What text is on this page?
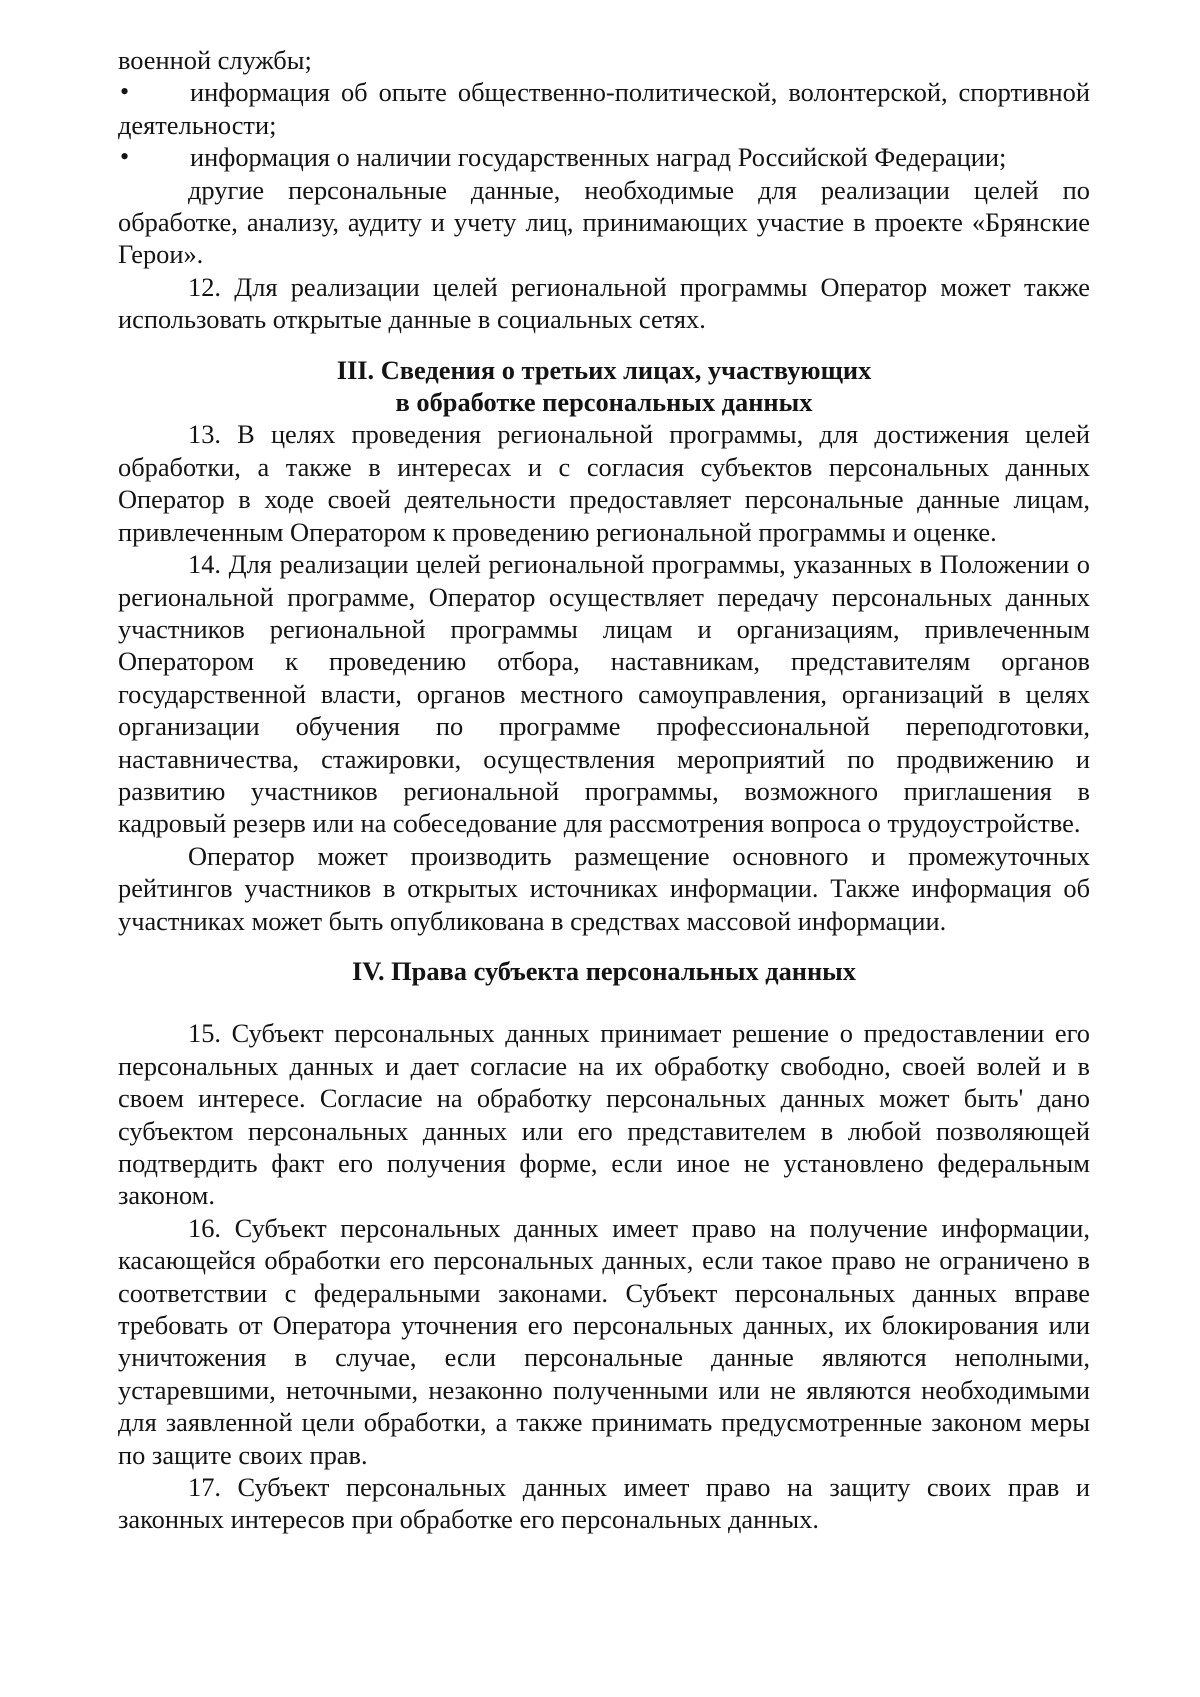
военной службы;

• информация об опыте общественно-политической, волонтерской, спортивной деятельности;

• информация о наличии государственных наград Российской Федерации;

другие персональные данные, необходимые для реализации целей по обработке, анализу, аудиту и учету лиц, принимающих участие в проекте «Брянские Герои».

12. Для реализации целей региональной программы Оператор может также использовать открытые данные в социальных сетях.

III. Сведения о третьих лицах, участвующих
в обработке персональных данных

13. В целях проведения региональной программы, для достижения целей обработки, а также в интересах и с согласия субъектов персональных данных Оператор в ходе своей деятельности предоставляет персональные данные лицам, привлеченным Оператором к проведению региональной программы и оценке.

14. Для реализации целей региональной программы, указанных в Положении о региональной программе, Оператор осуществляет передачу персональных данных участников региональной программы лицам и организациям, привлеченным Оператором к проведению отбора, наставникам, представителям органов государственной власти, органов местного самоуправления, организаций в целях организации обучения по программе профессиональной переподготовки, наставничества, стажировки, осуществления мероприятий по продвижению и развитию участников региональной программы, возможного приглашения в кадровый резерв или на собеседование для рассмотрения вопроса о трудоустройстве.

Оператор может производить размещение основного и промежуточных рейтингов участников в открытых источниках информации. Также информация об участниках может быть опубликована в средствах массовой информации.

IV. Права субъекта персональных данных

15. Субъект персональных данных принимает решение о предоставлении его персональных данных и дает согласие на их обработку свободно, своей волей и в своем интересе. Согласие на обработку персональных данных может быть' дано субъектом персональных данных или его представителем в любой позволяющей подтвердить факт его получения форме, если иное не установлено федеральным законом.

16. Субъект персональных данных имеет право на получение информации, касающейся обработки его персональных данных, если такое право не ограничено в соответствии с федеральными законами. Субъект персональных данных вправе требовать от Оператора уточнения его персональных данных, их блокирования или уничтожения в случае, если персональные данные являются неполными, устаревшими, неточными, незаконно полученными или не являются необходимыми для заявленной цели обработки, а также принимать предусмотренные законом меры по защите своих прав.

17. Субъект персональных данных имеет право на защиту своих прав и законных интересов при обработке его персональных данных.
